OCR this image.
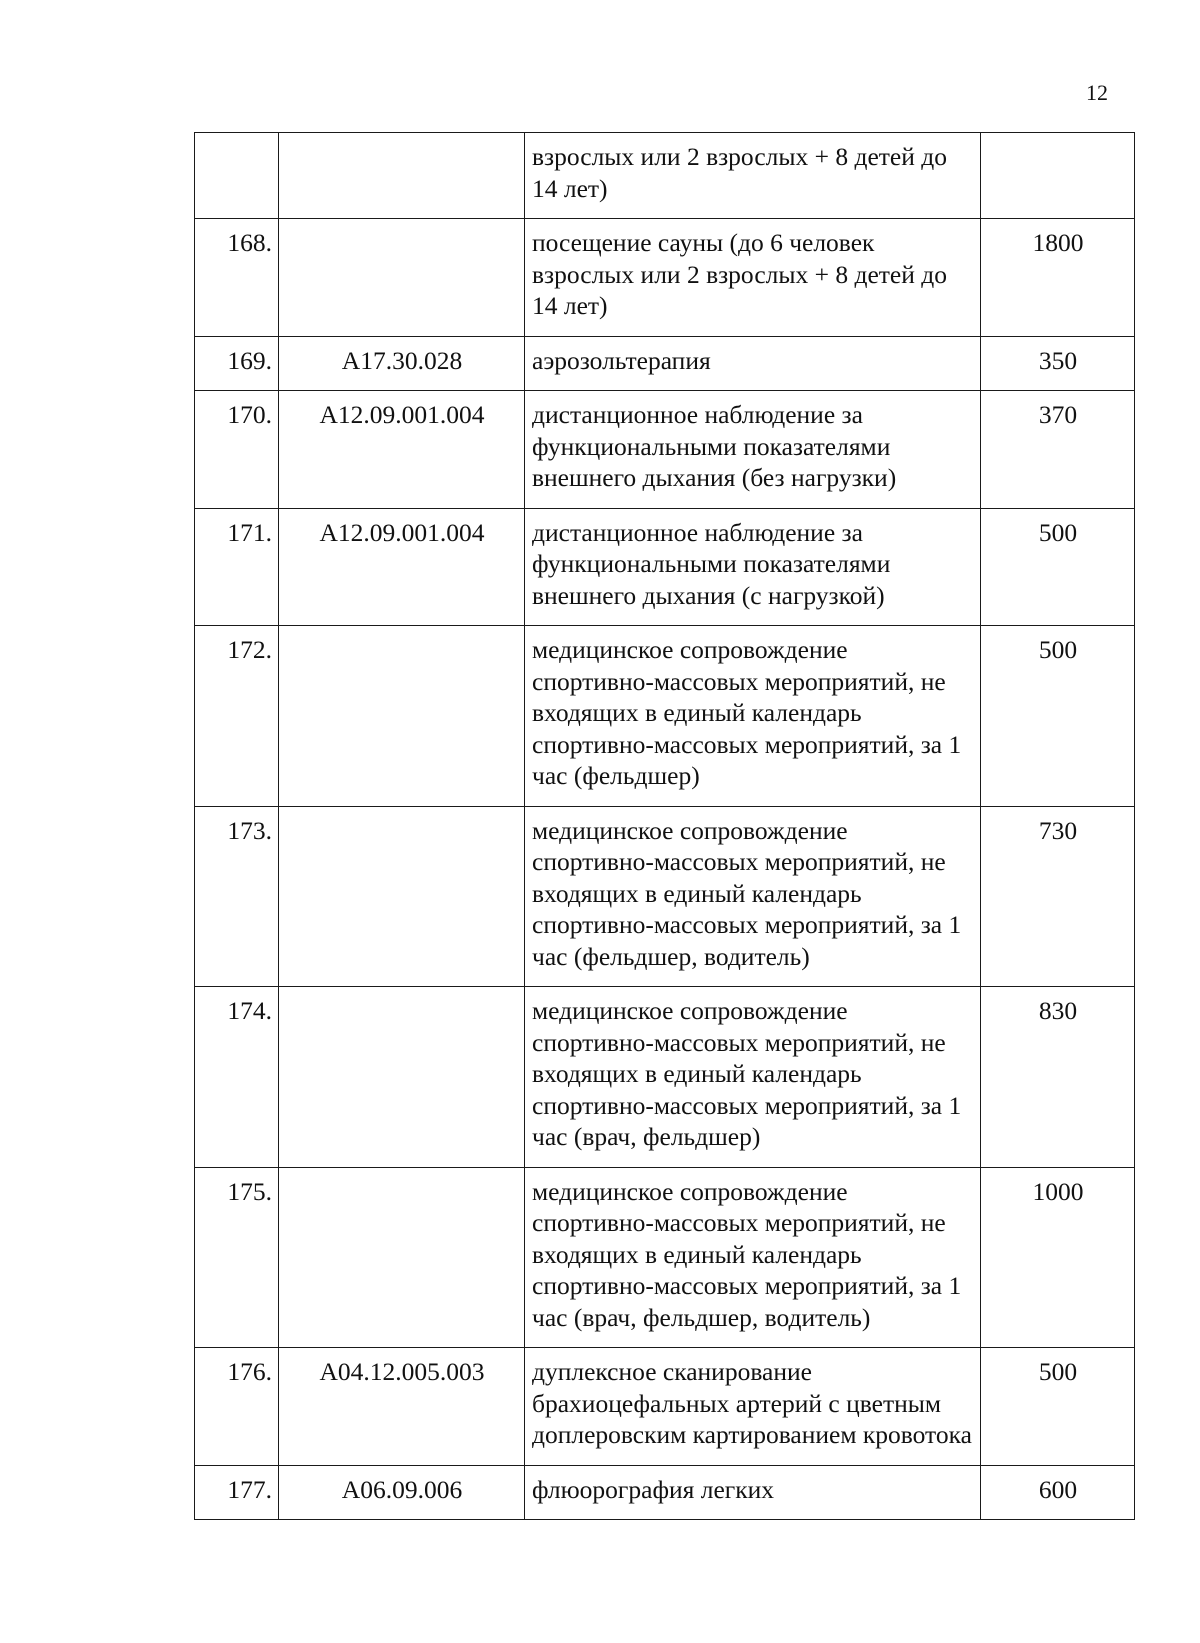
12
		взрослых или 2 взрослых + 8 детей до 14 лет)	
168.		посещение сауны (до 6 человек взрослых или 2 взрослых + 8 детей до 14 лет)	1800
169.	A17.30.028	аэрозольтерапия	350
170.	A12.09.001.004	дистанционное наблюдение за функциональными показателями внешнего дыхания (без нагрузки)	370
171.	A12.09.001.004	дистанционное наблюдение за функциональными показателями внешнего дыхания (с нагрузкой)	500
172.		медицинское сопровождение спортивно-массовых мероприятий, не входящих в единый календарь спортивно-массовых мероприятий, за 1 час (фельдшер)	500
173.		медицинское сопровождение спортивно-массовых мероприятий, не входящих в единый календарь спортивно-массовых мероприятий, за 1 час (фельдшер, водитель)	730
174.		медицинское сопровождение спортивно-массовых мероприятий, не входящих в единый календарь спортивно-массовых мероприятий, за 1 час (врач, фельдшер)	830
175.		медицинское сопровождение спортивно-массовых мероприятий, не входящих в единый календарь спортивно-массовых мероприятий, за 1 час (врач, фельдшер, водитель)	1000
176.	A04.12.005.003	дуплексное сканирование брахиоцефальных артерий с цветным доплеровским картированием кровотока	500
177.	A06.09.006	флюорография легких	600
